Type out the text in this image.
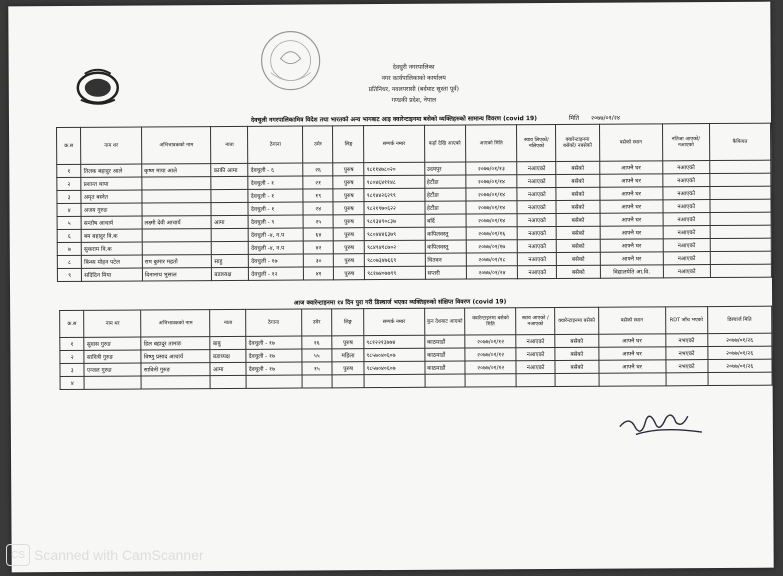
देवघुरी नगरपालिका
नगर कार्यपालिकाको कार्यालय
प्रतिनिधर, नवलपरासी (बर्दघाट सुस्ता पूर्व)
गण्डकी प्रदेश, नेपाल
देवचुली नगरपालिकामित्र विदेश तथा भारतको अन्य भागबाट आइ क्वारेन्टाइनमा बसेको व्यक्तिहरुको सामान्य विवरण (covid 19)	मिति २०७७/०१/२४
क्र.स	नाम थर	अभिभावकको नाम	नाता	ठेगाना	उमेर	लिङ्ग	सम्पर्क नम्बर	कहाँ देखि आएको	आएको मिति	स्वाव लिएको/ नलिएको	क्वारेन्टाइनमा बसेको/ नबसेको	बसेको स्थान	नतिजा आएको/ नआएको	कैफियत
१	तिलक बहादुर आले	कृष्ण माया आले	काकी आमा	देवचुली - ६	२६	पुरुष	९८११४७८०२०	उदयपुर	२०७७/०१/१३	नआएको	बसेको	आफ्नै घर	नआएको	
२	प्रशान्त थापा			देवचुली - १	२१	पुरुष	९८०४६४११४८	हेटौंडा	२०७७/०१/१४	नआएको	बसेको	आफ्नै घर	नआएको	
३	अमृत बस्नेत			देवचुली - १	१९	पुरुष	९८१४४२६२९९	हेटौंडा	२०७७/०१/१४	नआएको	बसेको	आफ्नै घर	नआएको	
४	अजय गुरुङ			देवचुली - १	२४	पुरुष	९८२१९७०६२२	हेटौंडा	२०७७/०१/१४	नआएको	बसेको	आफ्नै घर	नआएको	
५	सन्तोष आचार्य	लक्ष्मी देवी आचार्य	आमा	देवचुली - ९	२५	पुरुष	९८१३४९०८३७	बर्दि	२०७७/०१/१४	नआएको	बसेको	आफ्नै घर	नआएको	
६	बम बहादुर वि.क			देवचुली -४, न.प	६४	पुरुष	९८०४४४६३७९	कपिलवस्तु	२०७७/०१/१६	नआएको	बसेको	आफ्नै घर	नआएको	
७	सुकराम वि.क			देवचुली -४, न.प	४२	पुरुष	९८४९४१८७०२	कपिलवस्तु	२०७७/०१/१७	नआएको	बसेको	आफ्नै घर	नआएको	
८	बिन्ध्य मोहन पटेल	राम कुमार महतो	साहु	देवचुली - १७	३०	पुरुष	९८०७३४७६६९	चितवन	२०७७/०१/१८	नआएको	बसेको	आफ्नै घर	नआएको	
९	सदिदिन मिया	दिनानाथ भुसाल	बडाध्यक्ष	देवचुली - १२	४१	पुरुष	९८१७४०७७९९	सप्तरी	२०७७/०१/२४	नआएको	बसेको	विद्यालयेति आ.वि.	नआएको	
आज क्वारेन्टाइनमा १४ दिन पुरा गरी डिस्चार्ज भएका व्यक्तिहरुको संक्षिप्त विवरण (covid 19)
क्र.स	नाम थर	अभिभावकको नाम	नाता	ठेगाना	उमेर	लिङ्ग	सम्पर्क नम्बर	कुन देशबाट आएको	क्वारेन्टाइनमा बसेको मिति	स्वाव आएको / नआएको	क्वारेन्टाइनमा बसेको	बसेको स्थान	RDT जाँच भएको	डिस्चार्ज मिति
१	सुवास गुरुङ	डिल बहादुर तामाङ	बाबु	देवचुली - १७	२६	पुरुष	९८१२२१३७७४	काठमाडौं	२०७७/०१/१२	नआएको	बसेको	आफ्नै घर	नभएको	२०७७/०१/२६
२	सावित्री गुरुङ	विष्णु प्रसाद आचार्य	बडाध्यक्ष	देवचुली - १७	५५	महिला	९८५७०४०६०७	काठमाडौं	२०७७/०१/१२	नआएको	बसेको	आफ्नै घर	नभएको	२०७७/०१/२६
३	एन्जल गुरुङ	साविनी गुरुङ	आमा	देवचुली - १७	१५	पुरुष	९८५७०४०६०७	काठमाडौं	२०७७/०१/१२	नआएको	बसेको	आफ्नै घर	नभएको	२०७७/०१/२६
४														
CS Scanned with CamScanner
